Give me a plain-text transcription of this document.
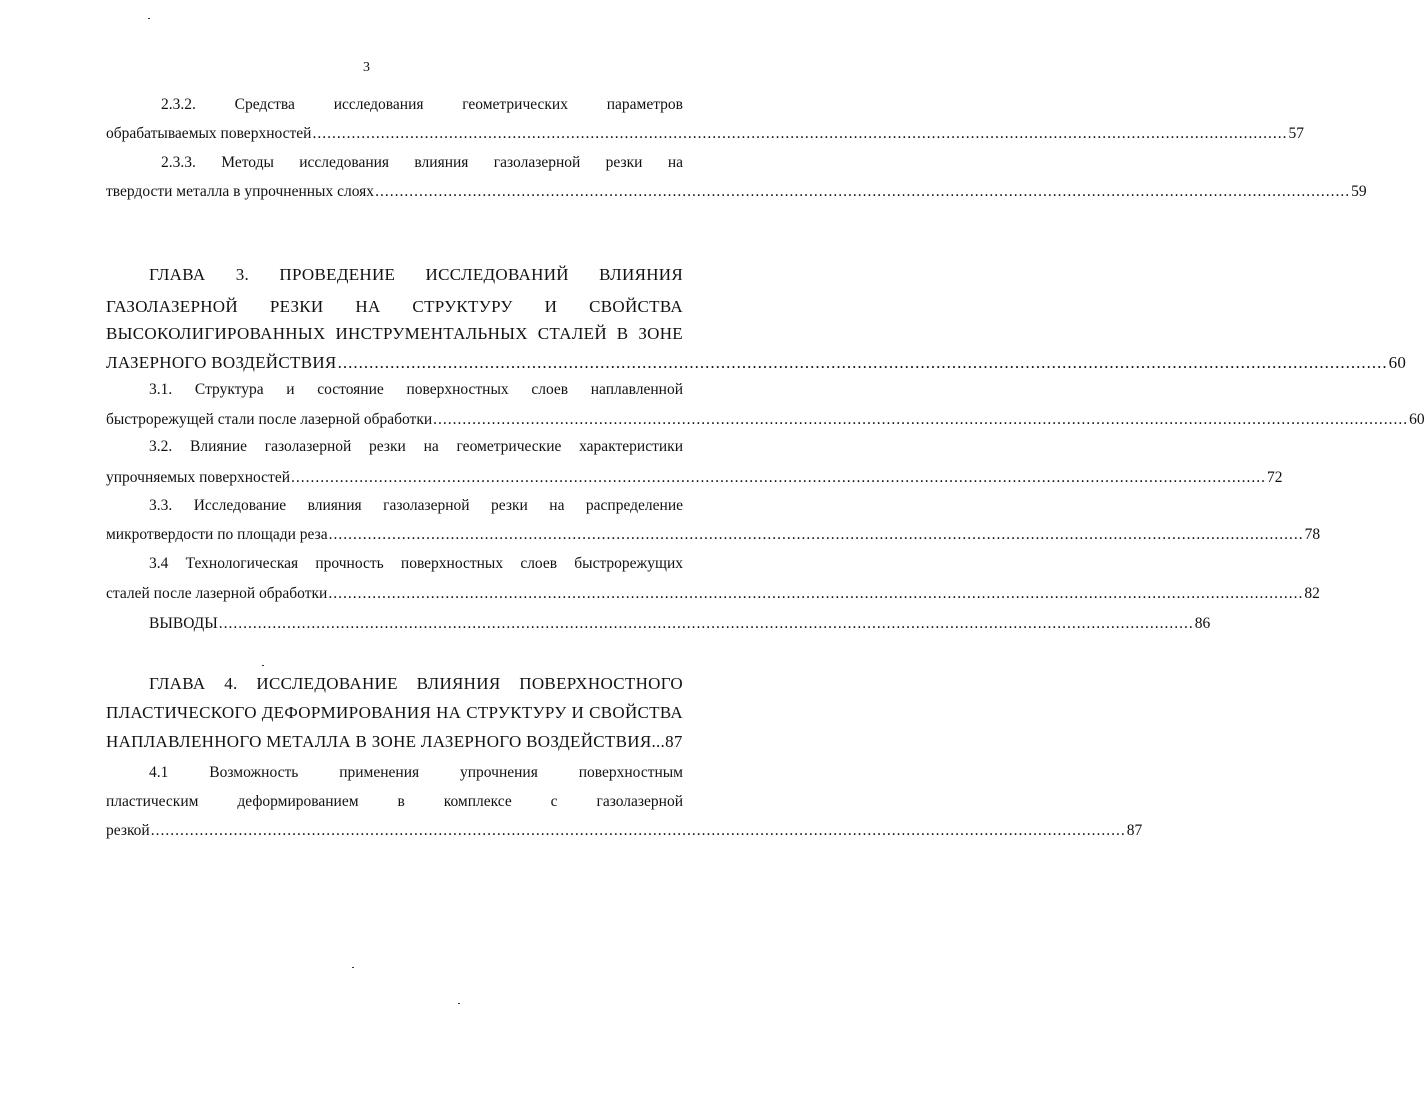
3
2.3.2. Средства исследования геометрических параметров
обрабатываемых поверхностей ........................................................................................................................................................................................................ 57
2.3.3. Методы исследования влияния газолазерной резки на
твердости металла в упрочненных слоях ........................................................................................................................................................................................................ 59
ГЛАВА 3. ПРОВЕДЕНИЕ ИССЛЕДОВАНИЙ ВЛИЯНИЯ
ГАЗОЛАЗЕРНОЙ РЕЗКИ НА СТРУКТУРУ И СВОЙСТВА
ВЫСОКОЛИГИРОВАННЫХ ИНСТРУМЕНТАЛЬНЫХ СТАЛЕЙ В ЗОНЕ
ЛАЗЕРНОГО ВОЗДЕЙСТВИЯ ........................................................................................................................................................................................................ 60
3.1. Структура и состояние поверхностных слоев наплавленной
быстрорежущей стали после лазерной обработки ........................................................................................................................................................................................................ 60
3.2. Влияние газолазерной резки на геометрические характеристики
упрочняемых поверхностей ........................................................................................................................................................................................................ 72
3.3. Исследование влияния газолазерной резки на распределение
микротвердости по площади реза ........................................................................................................................................................................................................ 78
3.4 Технологическая прочность поверхностных слоев быстрорежущих
сталей после лазерной обработки ........................................................................................................................................................................................................ 82
ВЫВОДЫ ........................................................................................................................................................................................................ 86
ГЛАВА 4. ИССЛЕДОВАНИЕ ВЛИЯНИЯ ПОВЕРХНОСТНОГО
ПЛАСТИЧЕСКОГО ДЕФОРМИРОВАНИЯ НА СТРУКТУРУ И СВОЙСТВА
НАПЛАВЛЕННОГО МЕТАЛЛА В ЗОНЕ ЛАЗЕРНОГО ВОЗДЕЙСТВИЯ... 87
4.1 Возможность применения упрочнения поверхностным
пластическим деформированием в комплексе с газолазерной
резкой ........................................................................................................................................................................................................ 87
